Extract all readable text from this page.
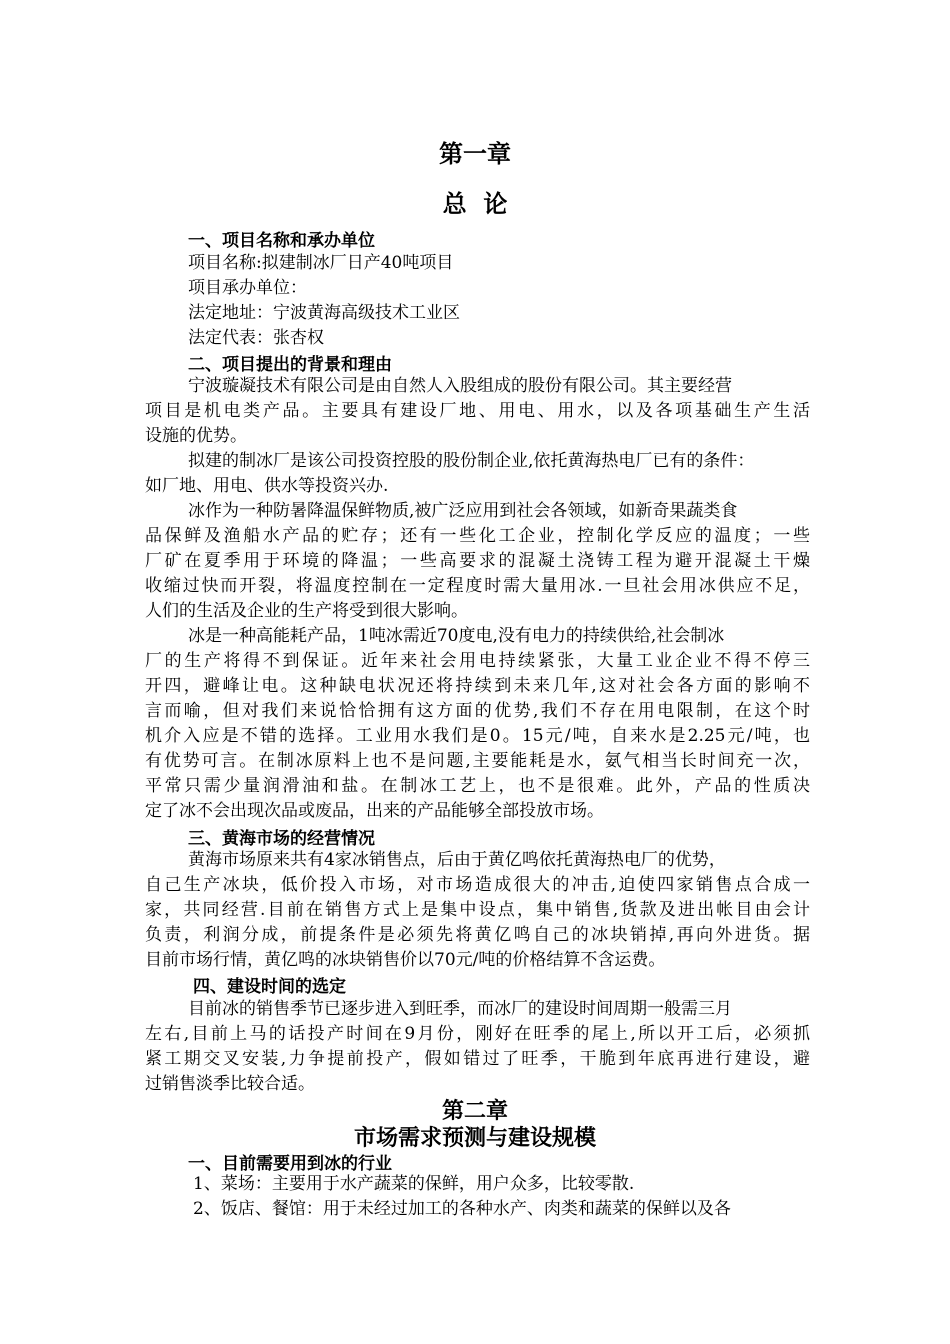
第一章
总  论
一、项目名称和承办单位
项目名称:拟建制冰厂日产40吨项目
项目承办单位：
法定地址：宁波黄海高级技术工业区
法定代表：张杏权
二、项目提出的背景和理由
宁波璇凝技术有限公司是由自然人入股组成的股份有限公司。其主要经营
项目是机电类产品。主要具有建设厂地、用电、用水，以及各项基础生产生活
设施的优势。
拟建的制冰厂是该公司投资控股的股份制企业,依托黄海热电厂已有的条件：
如厂地、用电、供水等投资兴办.
冰作为一种防暑降温保鲜物质,被广泛应用到社会各领域，如新奇果蔬类食
品保鲜及渔船水产品的贮存；还有一些化工企业，控制化学反应的温度；一些
厂矿在夏季用于环境的降温；一些高要求的混凝土浇铸工程为避开混凝土干燥
收缩过快而开裂，将温度控制在一定程度时需大量用冰.一旦社会用冰供应不足，
人们的生活及企业的生产将受到很大影响。
冰是一种高能耗产品，1吨冰需近70度电,没有电力的持续供给,社会制冰
厂的生产将得不到保证。近年来社会用电持续紧张，大量工业企业不得不停三
开四，避峰让电。这种缺电状况还将持续到未来几年,这对社会各方面的影响不
言而喻，但对我们来说恰恰拥有这方面的优势,我们不存在用电限制，在这个时
机介入应是不错的选择。工业用水我们是0。15元/吨，自来水是2.25元/吨，也
有优势可言。在制冰原料上也不是问题,主要能耗是水，氨气相当长时间充一次，
平常只需少量润滑油和盐。在制冰工艺上，也不是很难。此外，产品的性质决
定了冰不会出现次品或废品，出来的产品能够全部投放市场。
三、黄海市场的经营情况
黄海市场原来共有4家冰销售点，后由于黄亿鸣依托黄海热电厂的优势，
自己生产冰块，低价投入市场，对市场造成很大的冲击,迫使四家销售点合成一
家，共同经营.目前在销售方式上是集中设点，集中销售,货款及进出帐目由会计
负责，利润分成，前提条件是必须先将黄亿鸣自己的冰块销掉,再向外进货。据
目前市场行情，黄亿鸣的冰块销售价以70元/吨的价格结算不含运费。
四、建设时间的选定
目前冰的销售季节已逐步进入到旺季，而冰厂的建设时间周期一般需三月
左右,目前上马的话投产时间在9月份，刚好在旺季的尾上,所以开工后，必须抓
紧工期交叉安装,力争提前投产，假如错过了旺季，干脆到年底再进行建设，避
过销售淡季比较合适。
第二章
市场需求预测与建设规模
一、目前需要用到冰的行业
1、菜场：主要用于水产蔬菜的保鲜，用户众多，比较零散.
2、饭店、餐馆：用于未经过加工的各种水产、肉类和蔬菜的保鲜以及各
